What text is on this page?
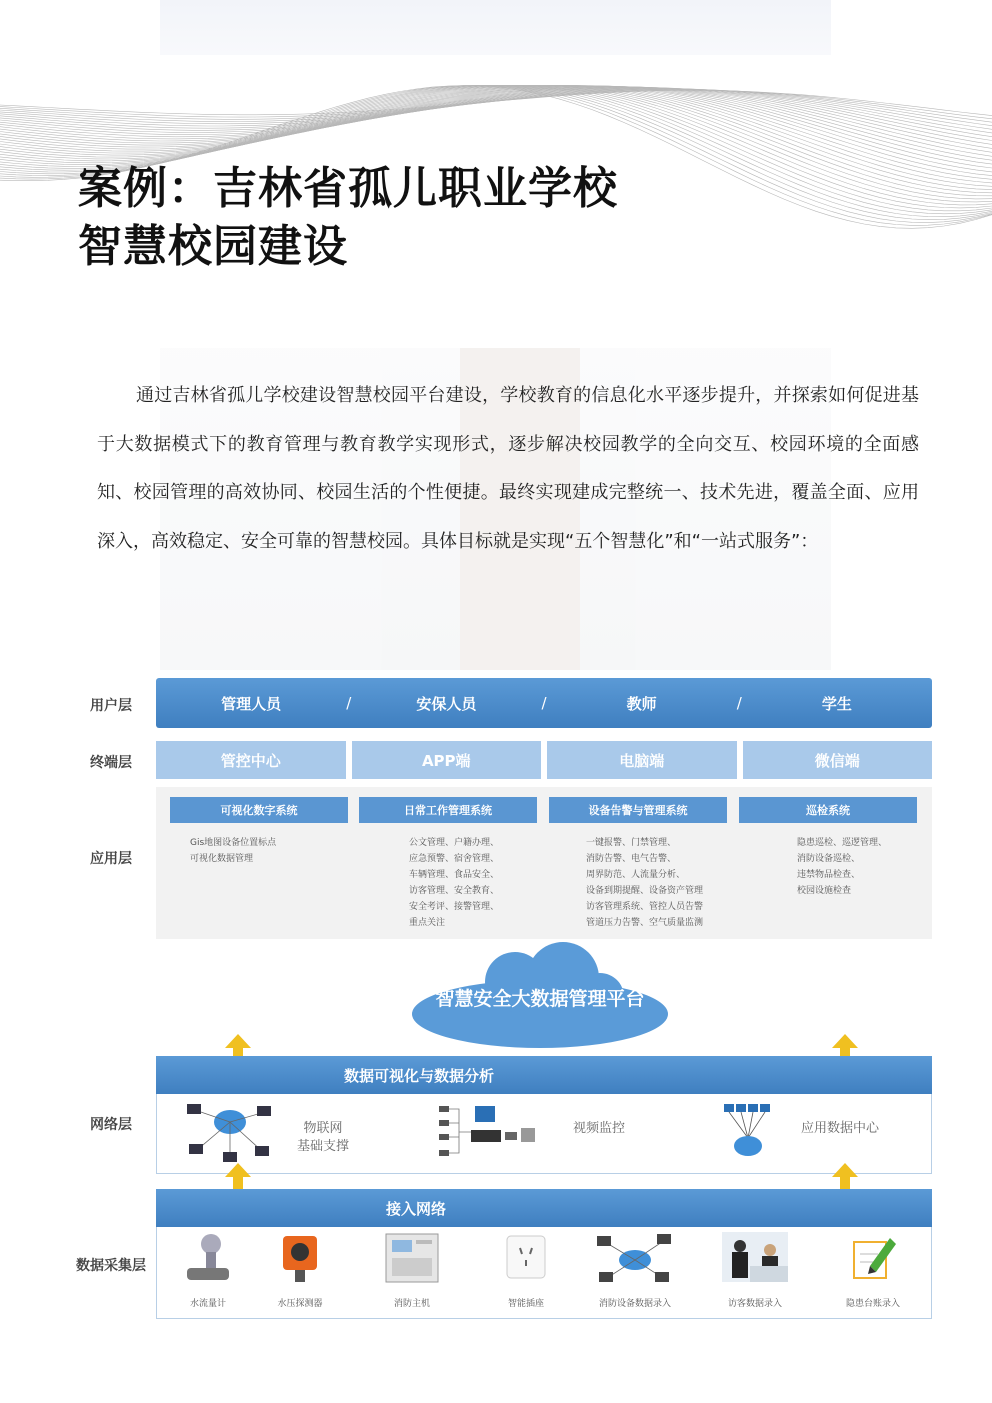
案例：吉林省孤儿职业学校
智慧校园建设

通过吉林省孤儿学校建设智慧校园平台建设，学校教育的信息化水平逐步提升，并探索如何促进基于大数据模式下的教育管理与教育教学实现形式，逐步解决校园教学的全向交互、校园环境的全面感知、校园管理的高效协同、校园生活的个性便捷。最终实现建成完整统一、技术先进，覆盖全面、应用深入，高效稳定、安全可靠的智慧校园。具体目标就是实现“五个智慧化”和“一站式服务”：

用户层
终端层
应用层
网络层
数据采集层
管理人员	/	安保人员	/	教师	/	学生
管控中心	APP端	电脑端	微信端
可视化数字系统
Gis地图设备位置标点
可视化数据管理
日常工作管理系统
公文管理、户籍办理、
应急预警、宿舍管理、
车辆管理、食品安全、
访客管理、安全教育、
安全考评、接警管理、
重点关注
设备告警与管理系统
一键报警、门禁管理、
消防告警、电气告警、
周界防范、人流量分析、
设备到期提醒、设备资产管理
访客管理系统、管控人员告警
管道压力告警、空气质量监测
巡检系统
隐患巡检、巡逻管理、
消防设备巡检、
违禁物品检查、
校园设施检查
智慧安全大数据管理平台
数据可视化与数据分析
物联网
基础支撑
视频监控	应用数据中心
接入网络
水流量计	水压探测器	消防主机	智能插座	消防设备数据录入	访客数据录入	隐患台账录入
